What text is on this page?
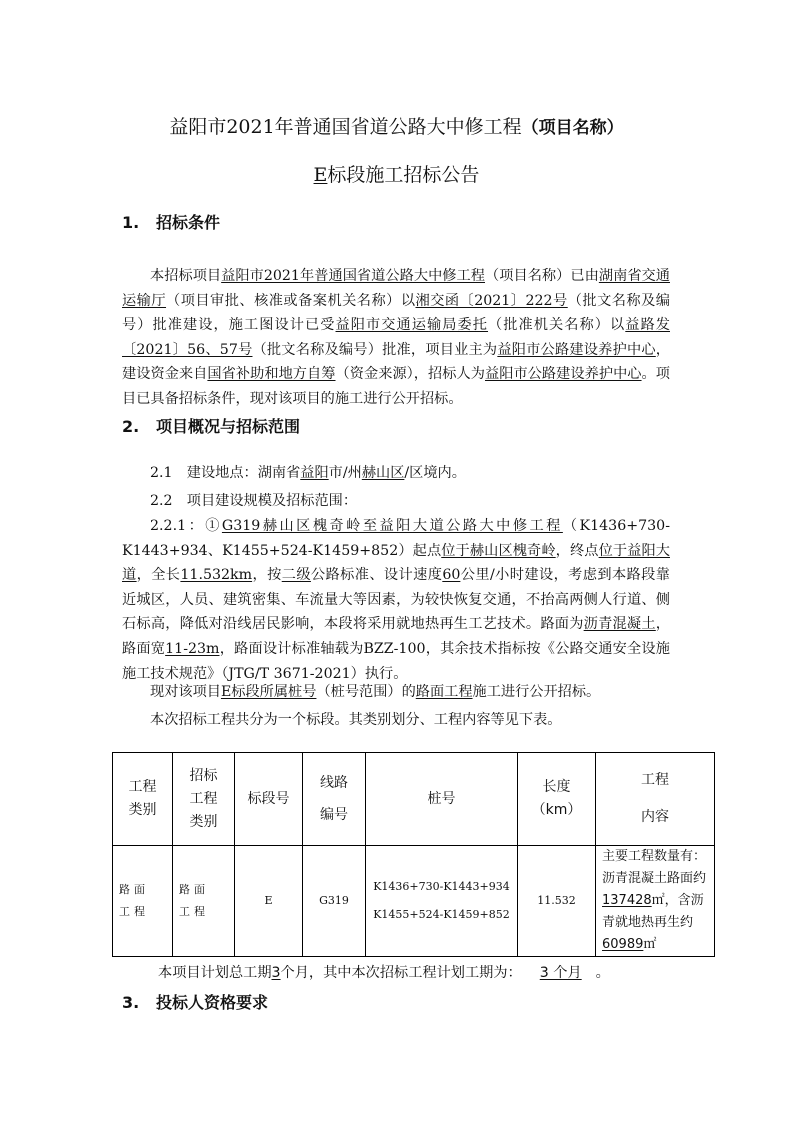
益阳市2021年普通国省道公路大中修工程（项目名称）
E标段施工招标公告
1. 招标条件

本招标项目益阳市2021年普通国省道公路大中修工程（项目名称）已由湖南省交通运输厅（项目审批、核准或备案机关名称）以湘交函〔2021〕222号（批文名称及编号）批准建设，施工图设计已受益阳市交通运输局委托（批准机关名称）以益路发〔2021〕56、57号（批文名称及编号）批准，项目业主为益阳市公路建设养护中心，建设资金来自国省补助和地方自筹（资金来源），招标人为益阳市公路建设养护中心。项目已具备招标条件，现对该项目的施工进行公开招标。

2. 项目概况与招标范围
2.1　建设地点：湖南省益阳市/州赫山区/区境内。
2.2　项目建设规模及招标范围：

2.2.1：①G319赫山区槐奇岭至益阳大道公路大中修工程（K1436+730-K1443+934、K1455+524-K1459+852）起点位于赫山区槐奇岭，终点位于益阳大道，全长11.532km，按二级公路标准、设计速度60公里/小时建设，考虑到本路段靠近城区，人员、建筑密集、车流量大等因素，为较快恢复交通，不抬高两侧人行道、侧石标高，降低对沿线居民影响，本段将采用就地热再生工艺技术。路面为沥青混凝土，路面宽11-23m，路面设计标准轴载为BZZ-100，其余技术指标按《公路交通安全设施施工技术规范》（JTG/T 3671-2021）执行。

现对该项目E标段所属桩号（桩号范围）的路面工程施工进行公开招标。

本次招标工程共分为一个标段。其类别划分、工程内容等见下表。

工程类别	招标工程类别	标段号	线路编号	桩号	长度（km）	工程
内容

路面工程	路面工程	E	G319	K1436+730-K1443+934
K1455+524-K1459+852	11.532	主要工程数量有：沥青混凝土路面约137428㎡，含沥青就地热再生约60989㎡
本项目计划总工期3个月，其中本次招标工程计划工期为： 3 个月 。
3. 投标人资格要求
